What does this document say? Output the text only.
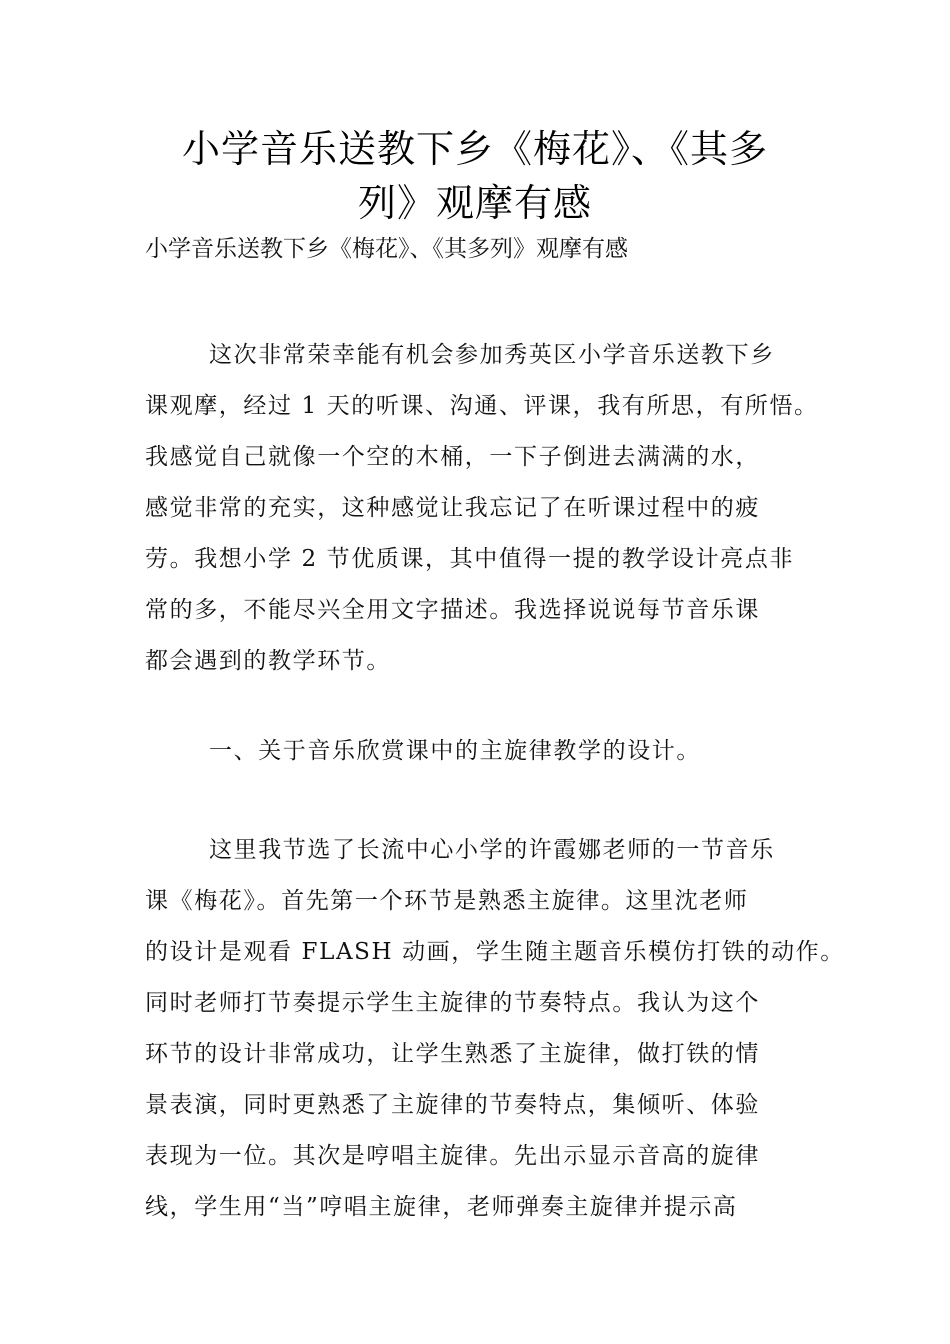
小学音乐送教下乡《梅花》、《其多
列》观摩有感

小学音乐送教下乡《梅花》、《其多列》观摩有感

这次非常荣幸能有机会参加秀英区小学音乐送教下乡
课观摩，经过 1 天的听课、沟通、评课，我有所思，有所悟。
我感觉自己就像一个空的木桶，一下子倒进去满满的水，
感觉非常的充实，这种感觉让我忘记了在听课过程中的疲
劳。我想小学 2 节优质课，其中值得一提的教学设计亮点非
常的多，不能尽兴全用文字描述。我选择说说每节音乐课
都会遇到的教学环节。
一、关于音乐欣赏课中的主旋律教学的设计。
这里我节选了长流中心小学的许霞娜老师的一节音乐
课《梅花》。首先第一个环节是熟悉主旋律。这里沈老师
的设计是观看 FLASH 动画，学生随主题音乐模仿打铁的动作。
同时老师打节奏提示学生主旋律的节奏特点。我认为这个
环节的设计非常成功，让学生熟悉了主旋律，做打铁的情
景表演，同时更熟悉了主旋律的节奏特点，集倾听、体验
表现为一位。其次是哼唱主旋律。先出示显示音高的旋律
线，学生用“当”哼唱主旋律，老师弹奏主旋律并提示高
